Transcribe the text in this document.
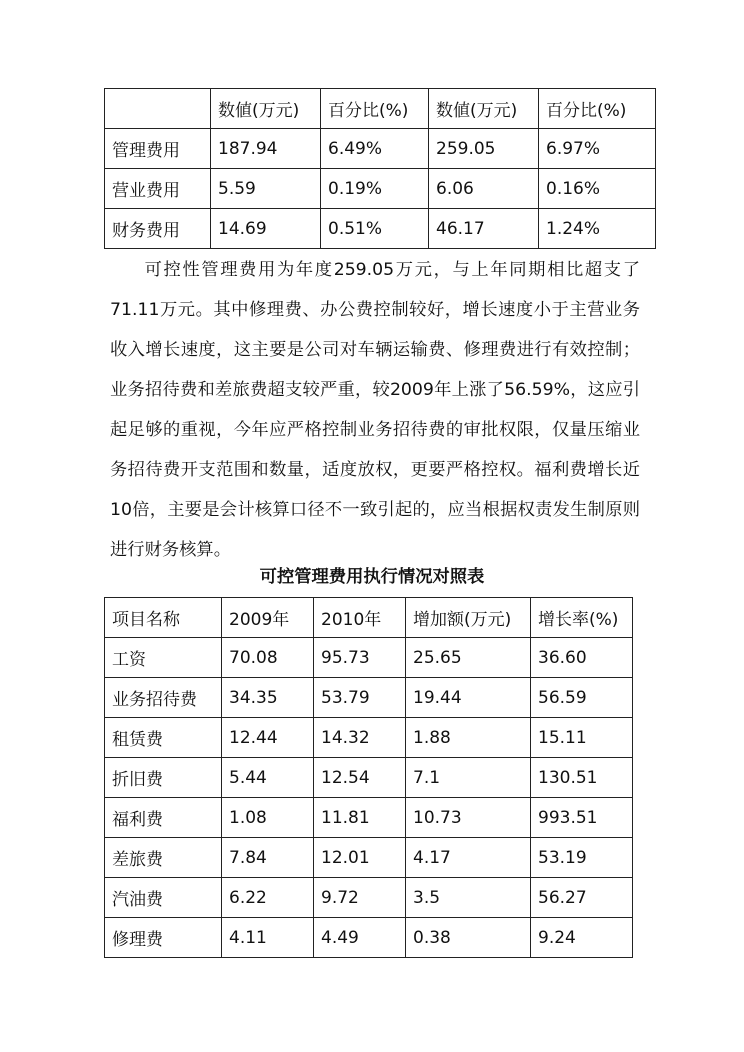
	数値(万元)	百分比(%)	数値(万元)	百分比(%)
管理费用	187.94	6.49%	259.05	6.97%
营业费用	5.59	0.19%	6.06	0.16%
财务费用	14.69	0.51%	46.17	1.24%

可控性管理费用为年度259.05万元，与上年同期相比超支了71.11万元。其中修理费、办公费控制较好，增长速度小于主营业务收入增长速度，这主要是公司对车辆运输费、修理费进行有效控制；业务招待费和差旅费超支较严重，较2009年上涨了56.59%，这应引起足够的重视，今年应严格控制业务招待费的审批权限，仅量压缩业务招待费开支范围和数量，适度放权，更要严格控权。福利费增长近10倍，主要是会计核算口径不一致引起的，应当根据权责发生制原则进行财务核算。

可控管理费用执行情况对照表

项目名称	2009年	2010年	增加额(万元)	增长率(%)
工资	70.08	95.73	25.65	36.60
业务招待费	34.35	53.79	19.44	56.59
租赁费	12.44	14.32	1.88	15.11
折旧费	5.44	12.54	7.1	130.51
福利费	1.08	11.81	10.73	993.51
差旅费	7.84	12.01	4.17	53.19
汽油费	6.22	9.72	3.5	56.27
修理费	4.11	4.49	0.38	9.24
